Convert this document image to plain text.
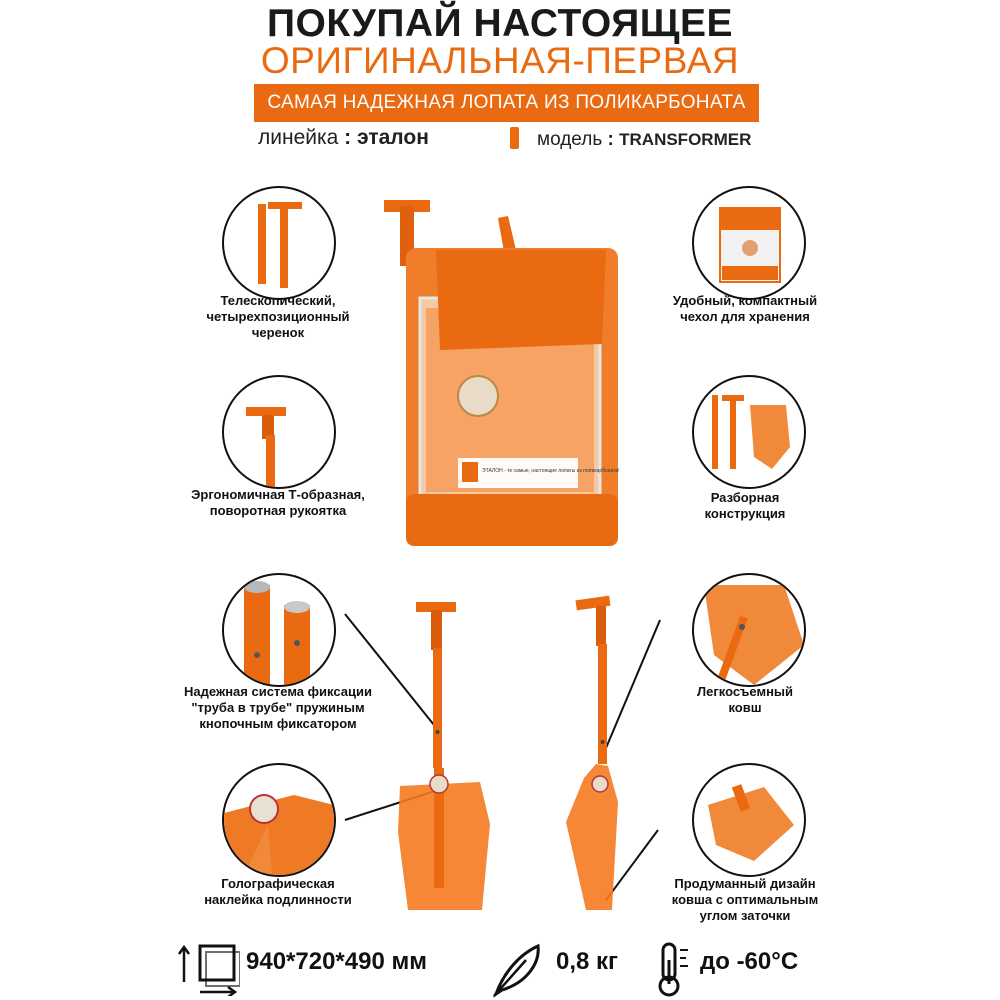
ПОКУПАЙ НАСТОЯЩЕЕ
ОРИГИНАЛЬНАЯ-ПЕРВАЯ
САМАЯ НАДЕЖНАЯ ЛОПАТА ИЗ ПОЛИКАРБОНАТА
линейка : эталон	модель : TRANSFORMER
Телескопический,
четырехпозиционный
черенок
Эргономичная Т-образная,
поворотная рукоятка
Надежная система фиксации
"труба в трубе" пружиным
кнопочным фиксатором
Голографическая
наклейка подлинности
Удобный, компактный
чехол для хранения
Разборная
конструкция
Легкосъемный
ковш
Продуманный дизайн
ковша с оптимальным
углом заточки
ЭТАЛОН - те самые, настоящие лопаты из поликарбоната!
940*720*490 мм	0,8 кг	до -60°С
